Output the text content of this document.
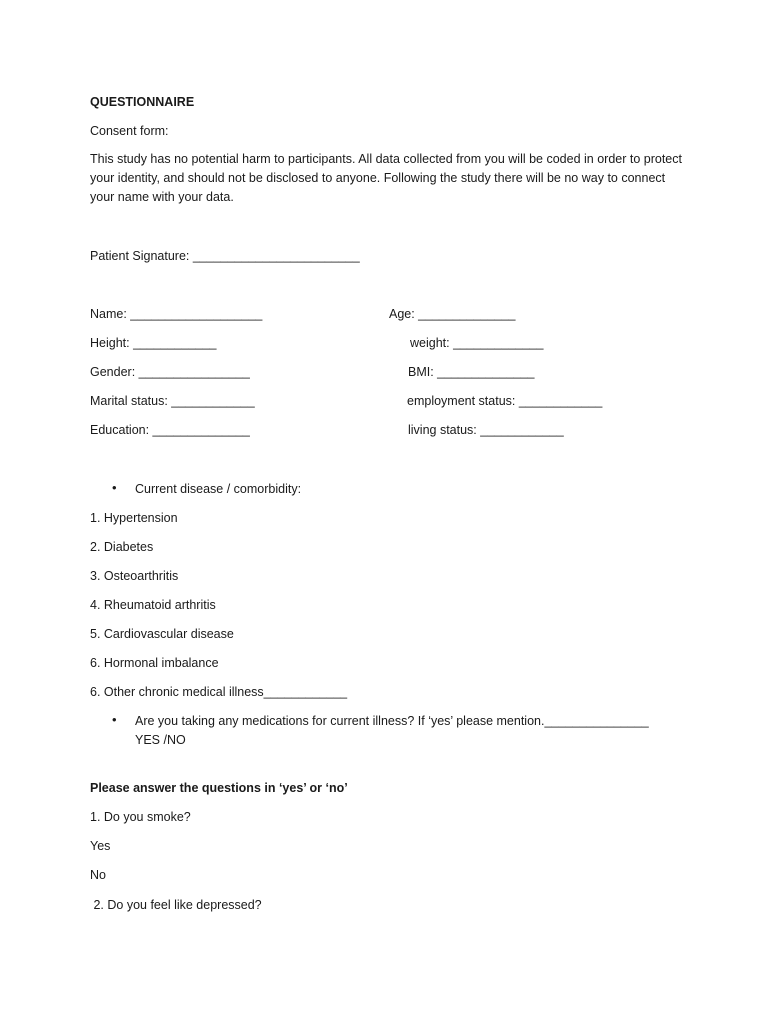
QUESTIONNAIRE
Consent form:
This study has no potential harm to participants. All data collected from you will be coded in order to protect your identity, and should not be disclosed to anyone. Following the study there will be no way to connect your name with your data.
Patient Signature: ________________________
Name: ___________________
Height: ____________
Gender: ________________
Marital status: ____________
Education: ______________
Age: ______________
weight: _____________
BMI: ______________
employment status: ____________
living status: ____________
• Current disease / comorbidity:
1. Hypertension
2. Diabetes
3. Osteoarthritis
4. Rheumatoid arthritis
5. Cardiovascular disease
6. Hormonal imbalance
6. Other chronic medical illness____________
• Are you taking any medications for current illness? If ‘yes’ please mention._______________
YES /NO
Please answer the questions in ‘yes’ or ‘no’
1. Do you smoke?
Yes
No
2. Do you feel like depressed?
